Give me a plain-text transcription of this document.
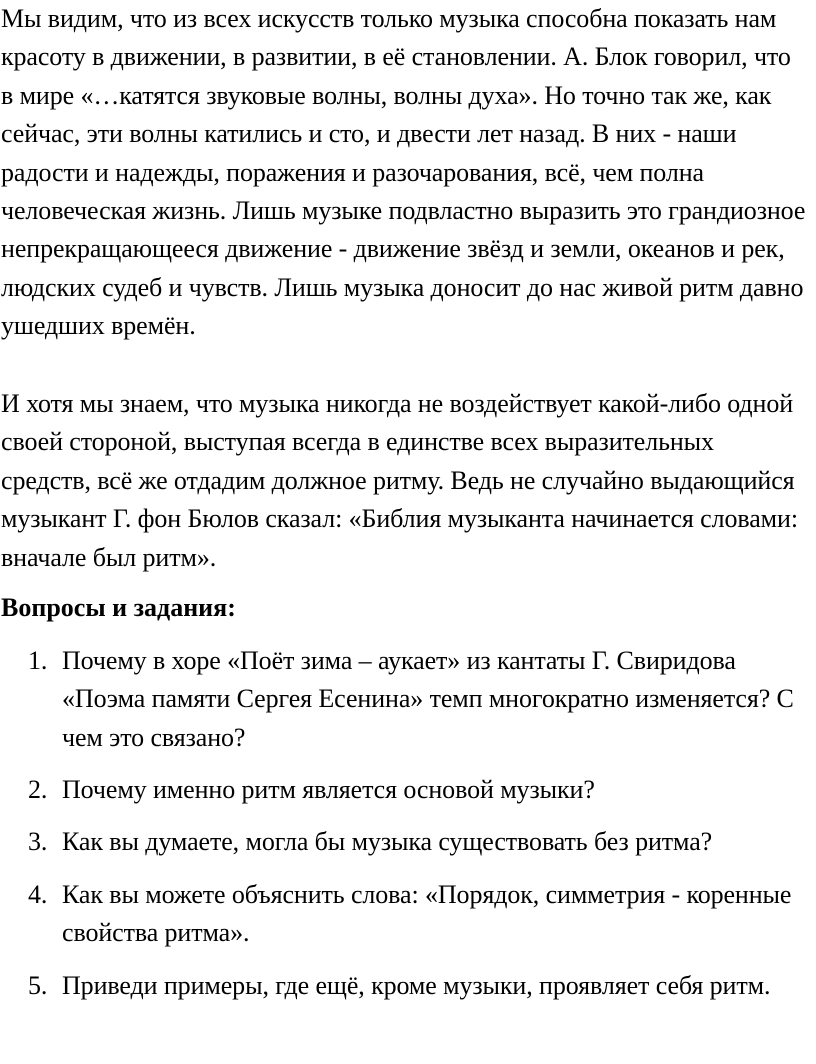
Мы видим, что из всех искусств только музыка способна показать нам красоту в движении, в развитии, в её становлении. А. Блок говорил, что в мире «…катятся звуковые волны, волны духа». Но точно так же, как сейчас, эти волны катились и сто, и двести лет назад. В них - наши радости и надежды, поражения и разочарования, всё, чем полна человеческая жизнь. Лишь музыке подвластно выразить это грандиозное непрекращающееся движение - движение звёзд и земли, океанов и рек, людских судеб и чувств. Лишь музыка доносит до нас живой ритм давно ушедших времён.

И хотя мы знаем, что музыка никогда не воздействует какой-либо одной своей стороной, выступая всегда в единстве всех выразительных средств, всё же отдадим должное ритму. Ведь не случайно выдающийся музыкант Г. фон Бюлов сказал: «Библия музыканта начинается словами: вначале был ритм».

Вопросы и задания:

1. Почему в хоре «Поёт зима – аукает» из кантаты Г. Свиридова «Поэма памяти Сергея Есенина» темп многократно изменяется? С чем это связано?
2. Почему именно ритм является основой музыки?
3. Как вы думаете, могла бы музыка существовать без ритма?
4. Как вы можете объяснить слова: «Порядок, симметрия - коренные свойства ритма».
5. Приведи примеры, где ещё, кроме музыки, проявляет себя ритм.
